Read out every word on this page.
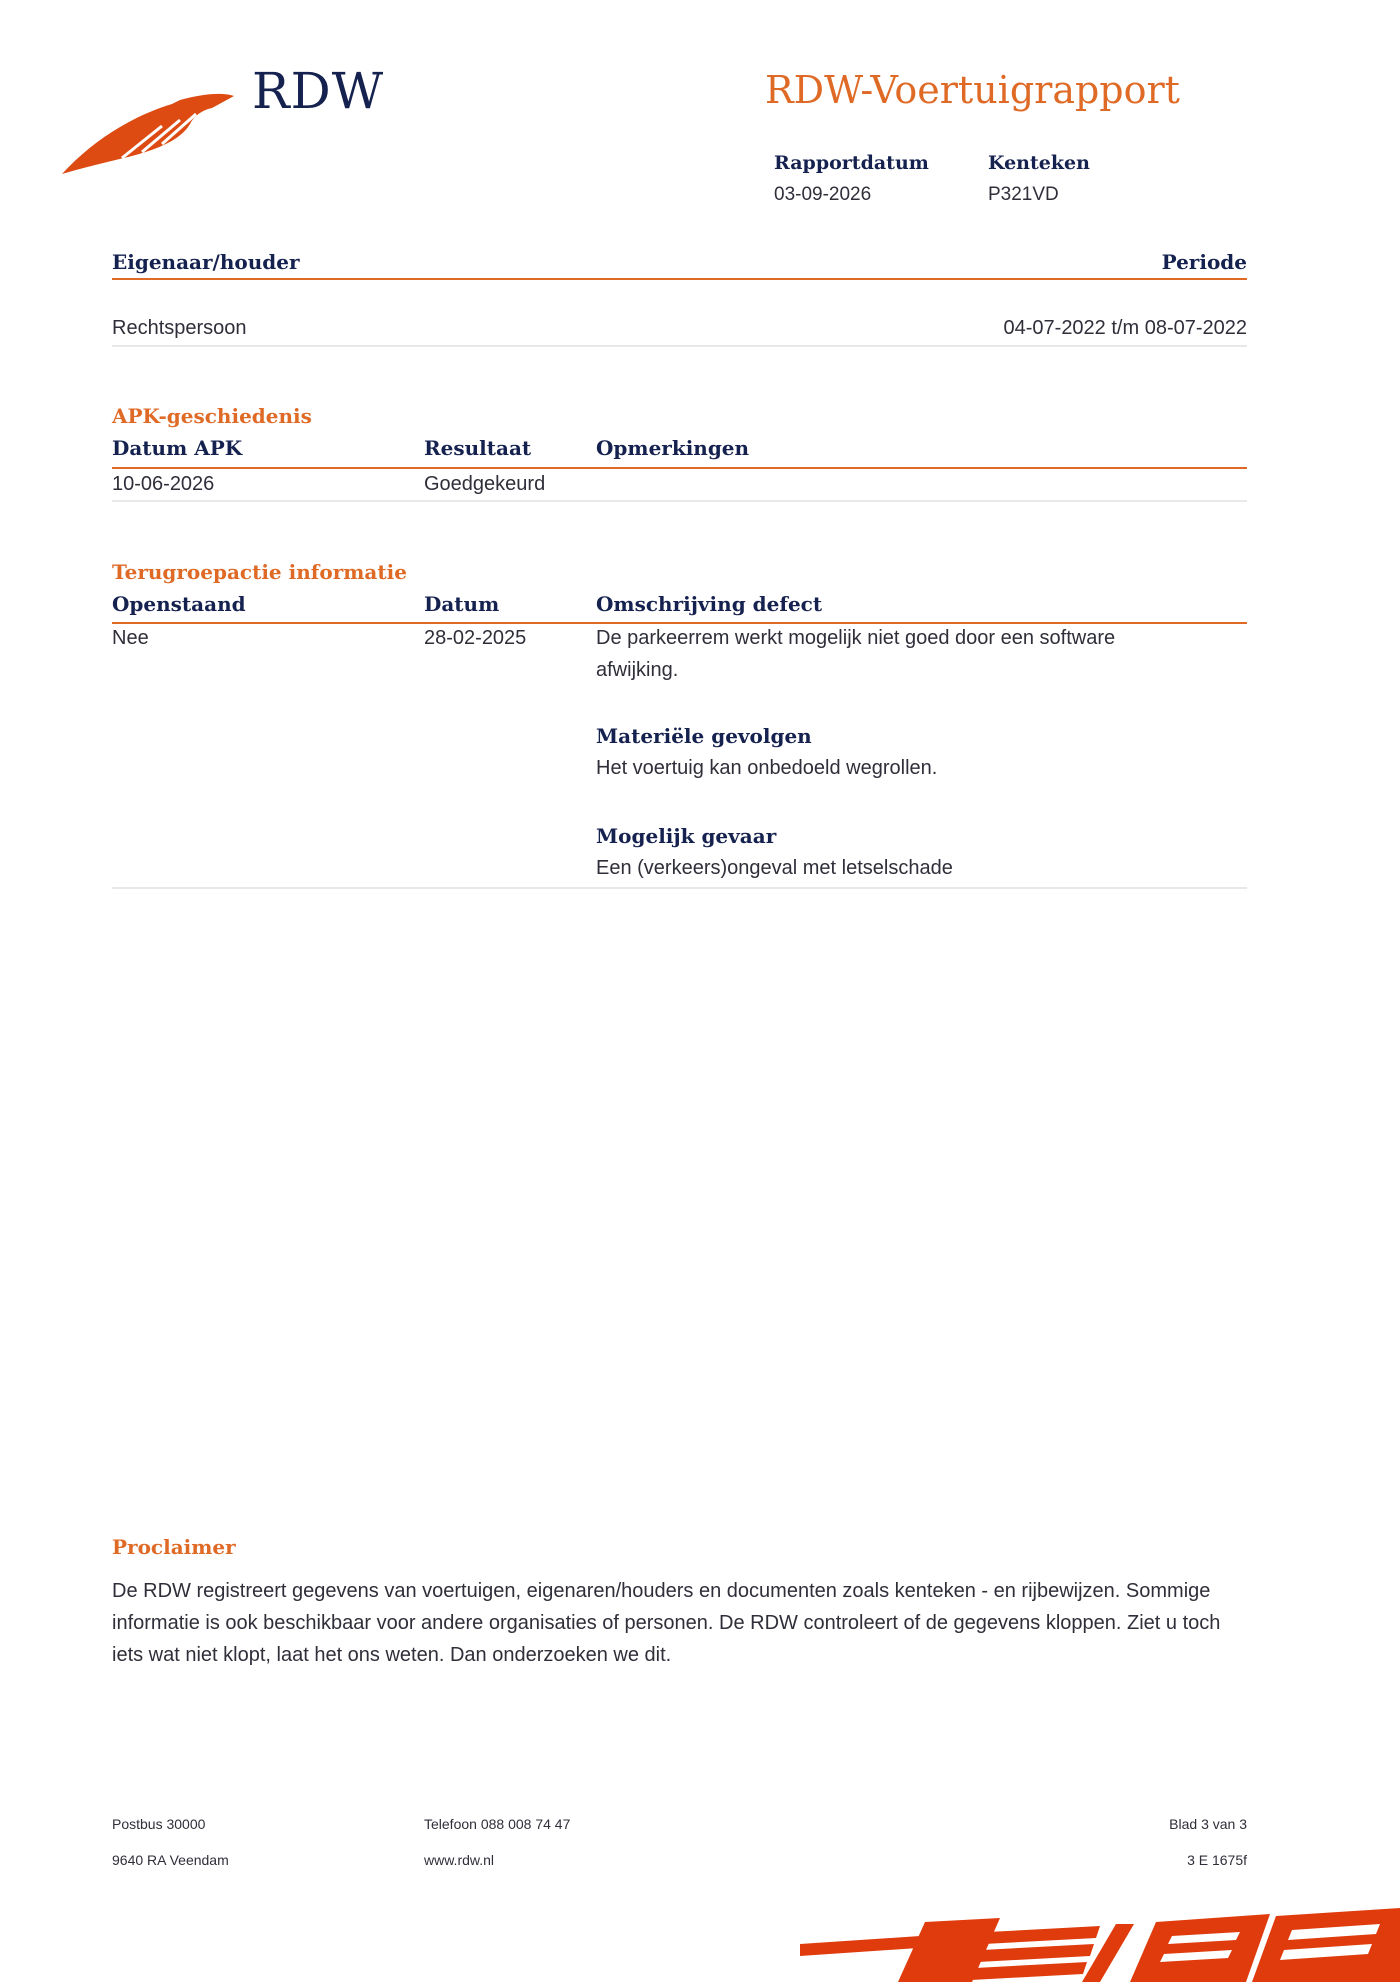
RDW	RDW-Voertuigrapport
Rapportdatum
03-09-2026
Kenteken
P321VD
Eigenaar/houder	Periode
Rechtspersoon	04-07-2022 t/m 08-07-2022
APK-geschiedenis
Datum APK	Resultaat	Opmerkingen
10-06-2026	Goedgekeurd
Terugroepactie informatie
Openstaand	Datum	Omschrijving defect
Nee	28-02-2025	De parkeerrem werkt mogelijk niet goed door een software afwijking.
Materiële gevolgen
Het voertuig kan onbedoeld wegrollen.
Mogelijk gevaar
Een (verkeers)ongeval met letselschade
Proclaimer
De RDW registreert gegevens van voertuigen, eigenaren/houders en documenten zoals kenteken - en rijbewijzen. Sommige informatie is ook beschikbaar voor andere organisaties of personen. De RDW controleert of de gegevens kloppen. Ziet u toch iets wat niet klopt, laat het ons weten. Dan onderzoeken we dit.
Postbus 30000
9640 RA Veendam
Telefoon 088 008 74 47
www.rdw.nl
Blad 3 van 3
3 E 1675f
